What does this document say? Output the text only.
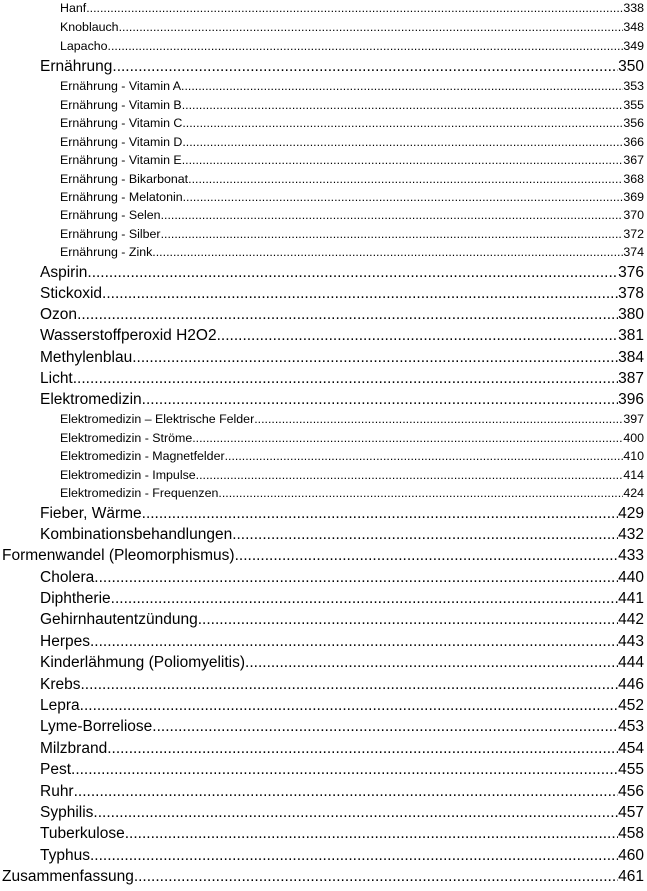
Hanf .....	338
Knoblauch .....	348
Lapacho .....	349
Ernährung .....	350
Ernährung - Vitamin A .....	353
Ernährung - Vitamin B .....	355
Ernährung - Vitamin C .....	356
Ernährung - Vitamin D .....	366
Ernährung - Vitamin E .....	367
Ernährung - Bikarbonat .....	368
Ernährung - Melatonin .....	369
Ernährung - Selen .....	370
Ernährung - Silber .....	372
Ernährung - Zink .....	374
Aspirin .....	376
Stickoxid .....	378
Ozon .....	380
Wasserstoffperoxid H2O2 .....	381
Methylenblau .....	384
Licht .....	387
Elektromedizin .....	396
Elektromedizin – Elektrische Felder .....	397
Elektromedizin - Ströme .....	400
Elektromedizin - Magnetfelder .....	410
Elektromedizin - Impulse .....	414
Elektromedizin - Frequenzen .....	424
Fieber, Wärme .....	429
Kombinationsbehandlungen .....	432
Formenwandel (Pleomorphismus) .....	433
Cholera .....	440
Diphtherie .....	441
Gehirnhautentzündung .....	442
Herpes .....	443
Kinderlähmung (Poliomyelitis) .....	444
Krebs .....	446
Lepra .....	452
Lyme-Borreliose .....	453
Milzbrand .....	454
Pest .....	455
Ruhr .....	456
Syphilis .....	457
Tuberkulose .....	458
Typhus .....	460
Zusammenfassung .....	461
